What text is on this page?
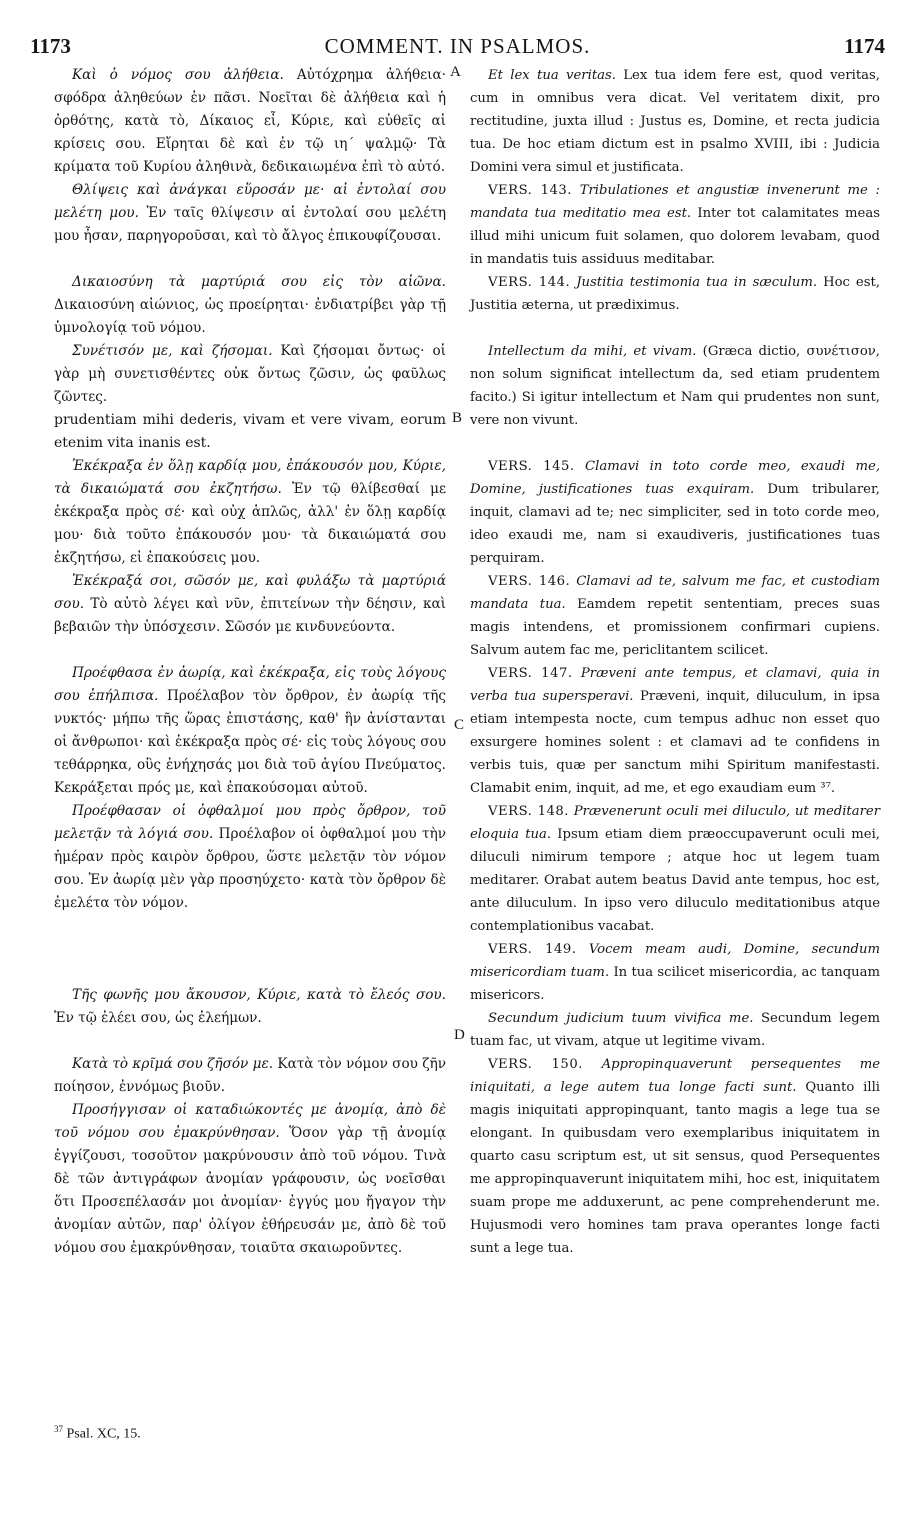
1173	COMMENT. IN PSALMOS.	1174
A
B
C
D

Καὶ ὁ νόμος σου ἀλήθεια. Αὐτόχρημα ἀλήθεια· σφόδρα ἀληθεύων ἐν πᾶσι. Νοεῖται δὲ ἀλήθεια καὶ ἡ ὀρθότης, κατὰ τὸ, Δίκαιος εἶ, Κύριε, καὶ εὐθεῖς αἱ κρίσεις σου. Εἴρηται δὲ καὶ ἐν τῷ ιη΄ ψαλμῷ· Τὰ κρίματα τοῦ Κυρίου ἀληθινὰ, δεδικαιωμένα ἐπὶ τὸ αὐτό.

Θλίψεις καὶ ἀνάγκαι εὕροσάν με· αἱ ἐντολαί σου μελέτη μου. Ἐν ταῖς θλίψεσιν αἱ ἐντολαί σου μελέτη μου ἦσαν, παρηγοροῦσαι, καὶ τὸ ἄλγος ἐπικουφίζουσαι.

Δικαιοσύνη τὰ μαρτύριά σου εἰς τὸν αἰῶνα. Δικαιοσύνη αἰώνιος, ὡς προείρηται· ἐνδιατρίβει γὰρ τῇ ὑμνολογίᾳ τοῦ νόμου.

Συνέτισόν με, καὶ ζήσομαι. Καὶ ζήσομαι ὄντως· οἱ γὰρ μὴ συνετισθέντες οὐκ ὄντως ζῶσιν, ὡς φαῦλως ζῶντες.

prudentiam mihi dederis, vivam et vere vivam, eorum etenim vita inanis est.

Ἐκέκραξα ἐν ὅλῃ καρδίᾳ μου, ἐπάκουσόν μου, Κύριε, τὰ δικαιώματά σου ἐκζητήσω. Ἐν τῷ θλίβεσθαί με ἐκέκραξα πρὸς σέ· καὶ οὐχ ἁπλῶς, ἀλλ' ἐν ὅλῃ καρδίᾳ μου· διὰ τοῦτο ἐπάκουσόν μου· τὰ δικαιώματά σου ἐκζητήσω, εἰ ἐπακούσεις μου.

Ἐκέκραξά σοι, σῶσόν με, καὶ φυλάξω τὰ μαρτύριά σου. Τὸ αὐτὸ λέγει καὶ νῦν, ἐπιτείνων τὴν δέησιν, καὶ βεβαιῶν τὴν ὑπόσχεσιν. Σῶσόν με κινδυνεύοντα.

Προέφθασα ἐν ἀωρίᾳ, καὶ ἐκέκραξα, εἰς τοὺς λόγους σου ἐπήλπισα. Προέλαβον τὸν ὄρθρον, ἐν ἀωρίᾳ τῆς νυκτός· μήπω τῆς ὥρας ἐπιστάσης, καθ' ἣν ἀνίστανται οἱ ἄνθρωποι· καὶ ἐκέκραξα πρὸς σέ· εἰς τοὺς λόγους σου τεθάρρηκα, οὓς ἐνήχησάς μοι διὰ τοῦ ἁγίου Πνεύματος. Κεκράξεται πρός με, καὶ ἐπακούσομαι αὐτοῦ.

Προέφθασαν οἱ ὀφθαλμοί μου πρὸς ὄρθρον, τοῦ μελετᾷν τὰ λόγιά σου. Προέλαβον οἱ ὀφθαλμοί μου τὴν ἡμέραν πρὸς καιρὸν ὄρθρου, ὥστε μελετᾷν τὸν νόμον σου. Ἐν ἀωρίᾳ μὲν γὰρ προσηύχετο· κατὰ τὸν ὄρθρον δὲ ἐμελέτα τὸν νόμον.

Τῆς φωνῆς μου ἄκουσον, Κύριε, κατὰ τὸ ἔλεός σου. Ἐν τῷ ἐλέει σου, ὡς ἐλεήμων.

Κατὰ τὸ κρῖμά σου ζῆσόν με. Κατὰ τὸν νόμον σου ζῆν ποίησον, ἐννόμως βιοῦν.

Προσήγγισαν οἱ καταδιώκοντές με ἀνομίᾳ, ἀπὸ δὲ τοῦ νόμου σου ἐμακρύνθησαν. Ὅσον γὰρ τῇ ἀνομίᾳ ἐγγίζουσι, τοσοῦτον μακρύνουσιν ἀπὸ τοῦ νόμου. Τινὰ δὲ τῶν ἀντιγράφων ἀνομίαν γράφουσιν, ὡς νοεῖσθαι ὅτι Προσεπέλασάν μοι ἀνομίαν· ἐγγύς μου ἤγαγον τὴν ἀνομίαν αὐτῶν, παρ' ὀλίγον ἐθήρευσάν με, ἀπὸ δὲ τοῦ νόμου σου ἐμακρύνθησαν, τοιαῦτα σκαιωροῦντες.

Et lex tua veritas. Lex tua idem fere est, quod veritas, cum in omnibus vera dicat. Vel veritatem dixit, pro rectitudine, juxta illud : Justus es, Domine, et recta judicia tua. De hoc etiam dictum est in psalmo XVIII, ibi : Judicia Domini vera simul et justificata.

VERS. 143. Tribulationes et angustiæ invenerunt me : mandata tua meditatio mea est. Inter tot calamitates meas illud mihi unicum fuit solamen, quo dolorem levabam, quod in mandatis tuis assiduus meditabar.

VERS. 144. Justitia testimonia tua in sæculum. Hoc est, Justitia æterna, ut prædiximus.

Intellectum da mihi, et vivam. (Græca dictio, συνέτισον, non solum significat intellectum da, sed etiam prudentem facito.) Si igitur intellectum et Nam qui prudentes non sunt, vere non vivunt.

VERS. 145. Clamavi in toto corde meo, exaudi me, Domine, justificationes tuas exquiram. Dum tribularer, inquit, clamavi ad te; nec simpliciter, sed in toto corde meo, ideo exaudi me, nam si exaudiveris, justificationes tuas perquiram.

VERS. 146. Clamavi ad te, salvum me fac, et custodiam mandata tua. Eamdem repetit sententiam, preces suas magis intendens, et promissionem confirmari cupiens. Salvum autem fac me, periclitantem scilicet.

VERS. 147. Præveni ante tempus, et clamavi, quia in verba tua supersperavi. Præveni, inquit, diluculum, in ipsa etiam intempesta nocte, cum tempus adhuc non esset quo exsurgere homines solent : et clamavi ad te confidens in verbis tuis, quæ per sanctum mihi Spiritum manifestasti. Clamabit enim, inquit, ad me, et ego exaudiam eum ³⁷.

VERS. 148. Prævenerunt oculi mei diluculo, ut meditarer eloquia tua. Ipsum etiam diem præoccupaverunt oculi mei, diluculi nimirum tempore ; atque hoc ut legem tuam meditarer. Orabat autem beatus David ante tempus, hoc est, ante diluculum. In ipso vero diluculo meditationibus atque contemplationibus vacabat.

VERS. 149. Vocem meam audi, Domine, secundum misericordiam tuam. In tua scilicet misericordia, ac tanquam misericors.

Secundum judicium tuum vivifica me. Secundum legem tuam fac, ut vivam, atque ut legitime vivam.

VERS. 150. Appropinquaverunt persequentes me iniquitati, a lege autem tua longe facti sunt. Quanto illi magis iniquitati appropinquant, tanto magis a lege tua se elongant. In quibusdam vero exemplaribus iniquitatem in quarto casu scriptum est, ut sit sensus, quod Persequentes me appropinquaverunt iniquitatem mihi, hoc est, iniquitatem suam prope me adduxerunt, ac pene comprehenderunt me. Hujusmodi vero homines tam prava operantes longe facti sunt a lege tua.

$^{37}$ Psal. XC, 15.
